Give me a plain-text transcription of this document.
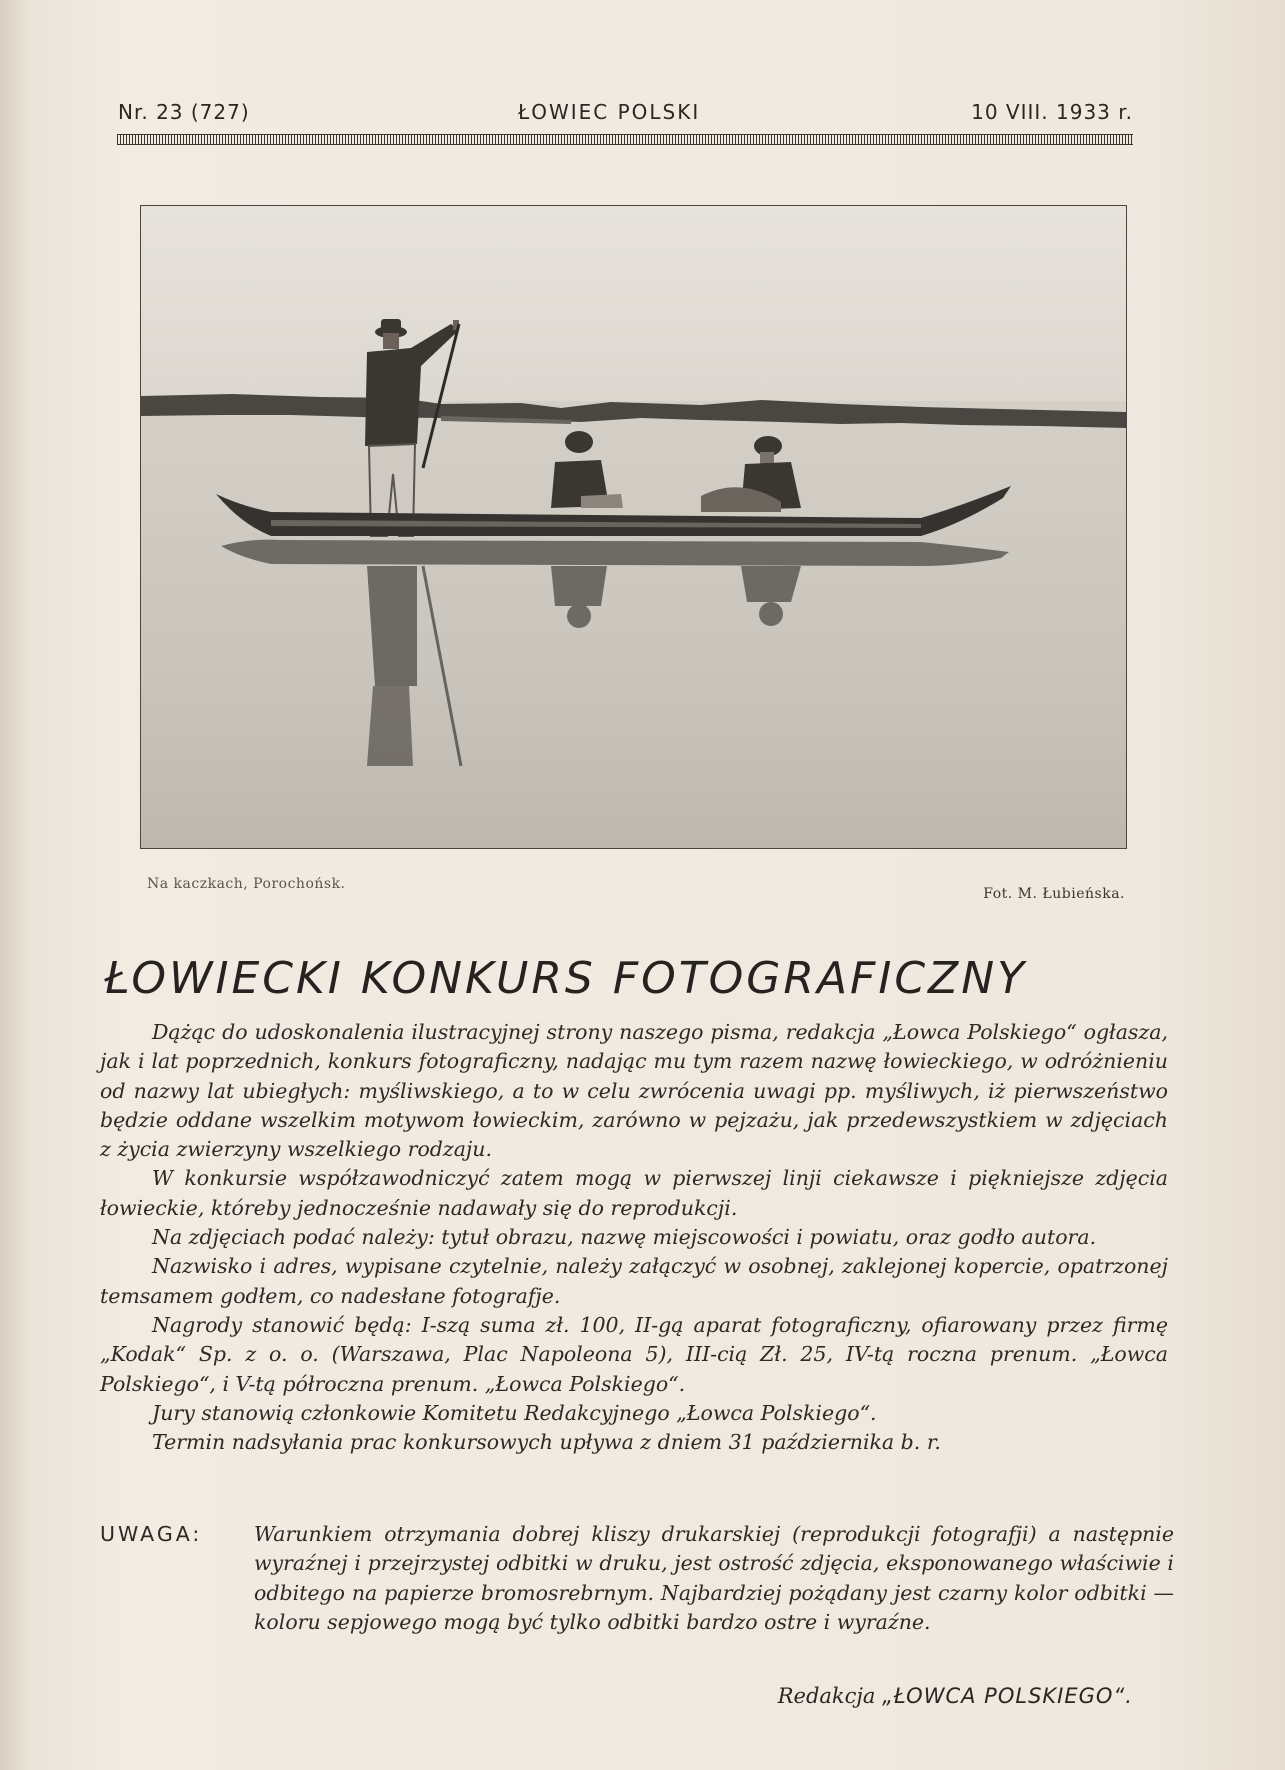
Nr. 23 (727)	ŁOWIEC POLSKI	10 VIII. 1933 r.
Na kaczkach, Porochońsk.
Fot. M. Łubieńska.
ŁOWIECKI KONKURS FOTOGRAFICZNY

Dążąc do udoskonalenia ilustracyjnej strony naszego pisma, redakcja „Łowca Polskiego“ ogłasza, jak i lat poprzednich, konkurs fotograficzny, nadając mu tym razem nazwę łowieckiego, w odróżnieniu od nazwy lat ubiegłych: myśliwskiego, a to w celu zwrócenia uwagi pp. myśliwych, iż pierwszeństwo będzie oddane wszelkim motywom łowieckim, zarówno w pejzażu, jak przedewszystkiem w zdjęciach z życia zwierzyny wszelkiego rodzaju.

W konkursie współzawodniczyć zatem mogą w pierwszej linji ciekawsze i piękniejsze zdjęcia łowieckie, któreby jednocześnie nadawały się do reprodukcji.

Na zdjęciach podać należy: tytuł obrazu, nazwę miejscowości i powiatu, oraz godło autora.

Nazwisko i adres, wypisane czytelnie, należy załączyć w osobnej, zaklejonej kopercie, opatrzonej temsamem godłem, co nadesłane fotografje.

Nagrody stanowić będą: I-szą suma zł. 100, II-gą aparat fotograficzny, ofiarowany przez firmę „Kodak“ Sp. z o. o. (Warszawa, Plac Napoleona 5), III-cią Zł. 25, IV-tą roczna prenum. „Łowca Polskiego“, i V-tą półroczna prenum. „Łowca Polskiego“.

Jury stanowią członkowie Komitetu Redakcyjnego „Łowca Polskiego“.

Termin nadsyłania prac konkursowych upływa z dniem 31 października b. r.

UWAGA:	Warunkiem otrzymania dobrej kliszy drukarskiej (reprodukcji fotografji) a następnie wyraźnej i przejrzystej odbitki w druku, jest ostrość zdjęcia, eksponowanego właściwie i odbitego na papierze bromosrebrnym. Najbardziej pożądany jest czarny kolor odbitki — koloru sepjowego mogą być tylko odbitki bardzo ostre i wyraźne.
Redakcja „ŁOWCA POLSKIEGO“.
